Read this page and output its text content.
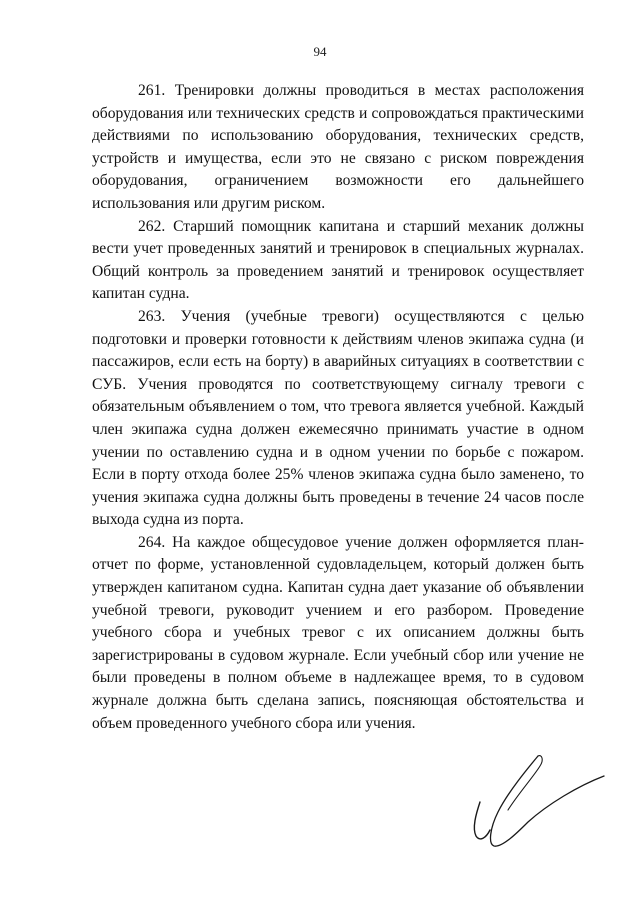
94

261. Тренировки должны проводиться в местах расположения оборудования или технических средств и сопровождаться практическими действиями по использованию оборудования, технических средств, устройств и имущества, если это не связано с риском повреждения оборудования, ограничением возможности его дальнейшего использования или другим риском.

262. Старший помощник капитана и старший механик должны вести учет проведенных занятий и тренировок в специальных журналах. Общий контроль за проведением занятий и тренировок осуществляет капитан судна.

263. Учения (учебные тревоги) осуществляются с целью подготовки и проверки готовности к действиям членов экипажа судна (и пассажиров, если есть на борту) в аварийных ситуациях в соответствии с СУБ. Учения проводятся по соответствующему сигналу тревоги с обязательным объявлением о том, что тревога является учебной. Каждый член экипажа судна должен ежемесячно принимать участие в одном учении по оставлению судна и в одном учении по борьбе с пожаром. Если в порту отхода более 25% членов экипажа судна было заменено, то учения экипажа судна должны быть проведены в течение 24 часов после выхода судна из порта.

264. На каждое общесудовое учение должен оформляется план-отчет по форме, установленной судовладельцем, который должен быть утвержден капитаном судна. Капитан судна дает указание об объявлении учебной тревоги, руководит учением и его разбором. Проведение учебного сбора и учебных тревог с их описанием должны быть зарегистрированы в судовом журнале. Если учебный сбор или учение не были проведены в полном объеме в надлежащее время, то в судовом журнале должна быть сделана запись, поясняющая обстоятельства и объем проведенного учебного сбора или учения.
